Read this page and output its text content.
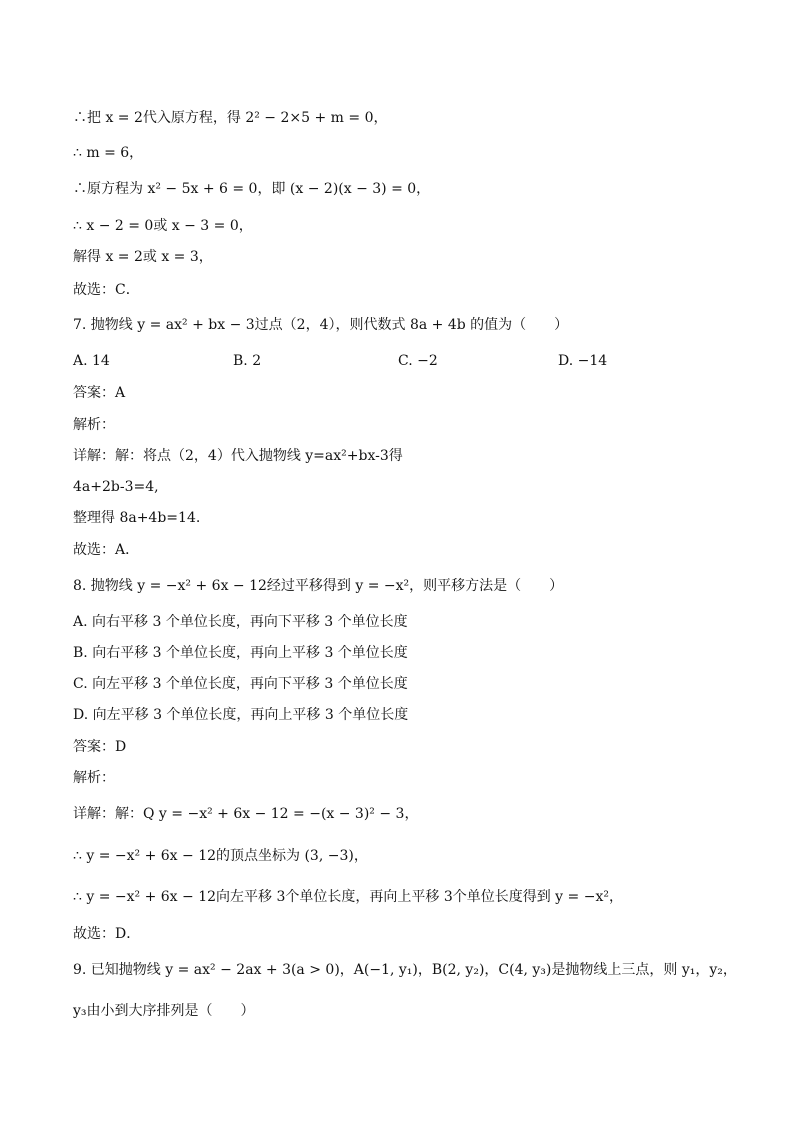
∴把 x = 2代入原方程，得 2² − 2×5 + m = 0，
∴ m = 6，
∴原方程为 x² − 5x + 6 = 0，即 (x − 2)(x − 3) = 0，
∴ x − 2 = 0或 x − 3 = 0，
解得 x = 2或 x = 3，
故选：C．
7. 抛物线 y = ax² + bx − 3过点（2，4），则代数式 8a + 4b 的值为（　　）
A. 14	B. 2	C. −2	D. −14
答案：A
解析：
详解：解：将点（2，4）代入抛物线 y=ax²+bx-3得
4a+2b-3=4,
整理得 8a+4b=14.
故选：A．
8. 抛物线 y = −x² + 6x − 12经过平移得到 y = −x²，则平移方法是（　　）
A. 向右平移 3 个单位长度，再向下平移 3 个单位长度
B. 向右平移 3 个单位长度，再向上平移 3 个单位长度
C. 向左平移 3 个单位长度，再向下平移 3 个单位长度
D. 向左平移 3 个单位长度，再向上平移 3 个单位长度
答案：D
解析：
详解：解：Q y = −x² + 6x − 12 = −(x − 3)² − 3，
∴ y = −x² + 6x − 12的顶点坐标为 (3, −3)，
∴ y = −x² + 6x − 12向左平移 3个单位长度，再向上平移 3个单位长度得到 y = −x²，
故选：D．
9. 已知抛物线 y = ax² − 2ax + 3(a > 0)，A(−1, y₁)，B(2, y₂)，C(4, y₃)是抛物线上三点，则 y₁，y₂，
y₃由小到大序排列是（　　）
